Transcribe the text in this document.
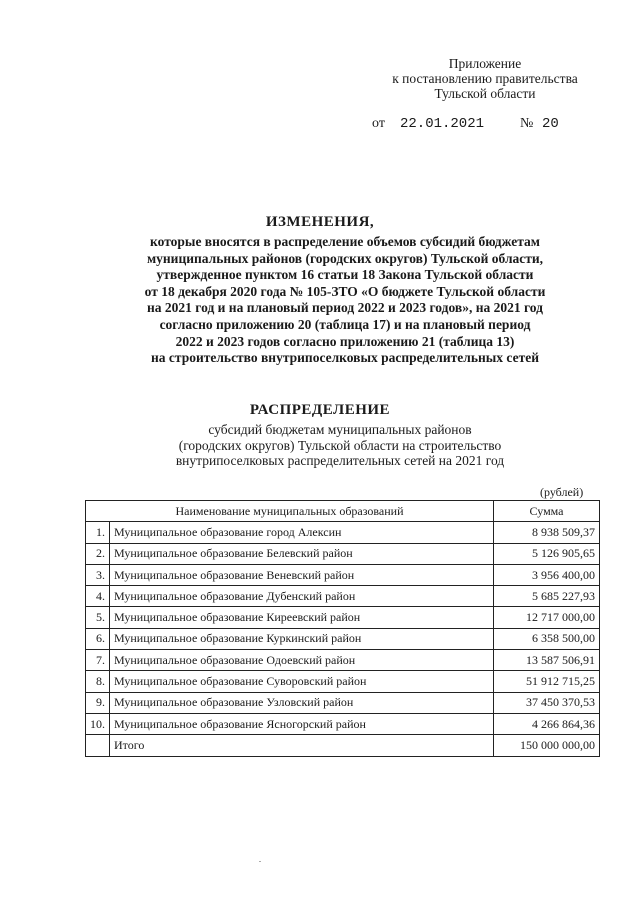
Приложение
к постановлению правительства
Тульской области
от 22.01.2021	№ 20
ИЗМЕНЕНИЯ,
которые вносятся в распределение объемов субсидий бюджетам
муниципальных районов (городских округов) Тульской области,
утвержденное пунктом 16 статьи 18 Закона Тульской области
от 18 декабря 2020 года № 105-ЗТО «О бюджете Тульской области
на 2021 год и на плановый период 2022 и 2023 годов», на 2021 год
согласно приложению 20 (таблица 17) и на плановый период
2022 и 2023 годов согласно приложению 21 (таблица 13)
на строительство внутрипоселковых распределительных сетей
РАСПРЕДЕЛЕНИЕ
субсидий бюджетам муниципальных районов
(городских округов) Тульской области на строительство
внутрипоселковых распределительных сетей на 2021 год
(рублей)
Наименование муниципальных образований		Сумма
1.	Муниципальное образование город Алексин	8 938 509,37
2.	Муниципальное образование Белевский район	5 126 905,65
3.	Муниципальное образование Веневский район	3 956 400,00
4.	Муниципальное образование Дубенский район	5 685 227,93
5.	Муниципальное образование Киреевский район	12 717 000,00
6.	Муниципальное образование Куркинский район	6 358 500,00
7.	Муниципальное образование Одоевский район	13 587 506,91
8.	Муниципальное образование Суворовский район	51 912 715,25
9.	Муниципальное образование Узловский район	37 450 370,53
10.	Муниципальное образование Ясногорский район	4 266 864,36
	Итого	150 000 000,00
